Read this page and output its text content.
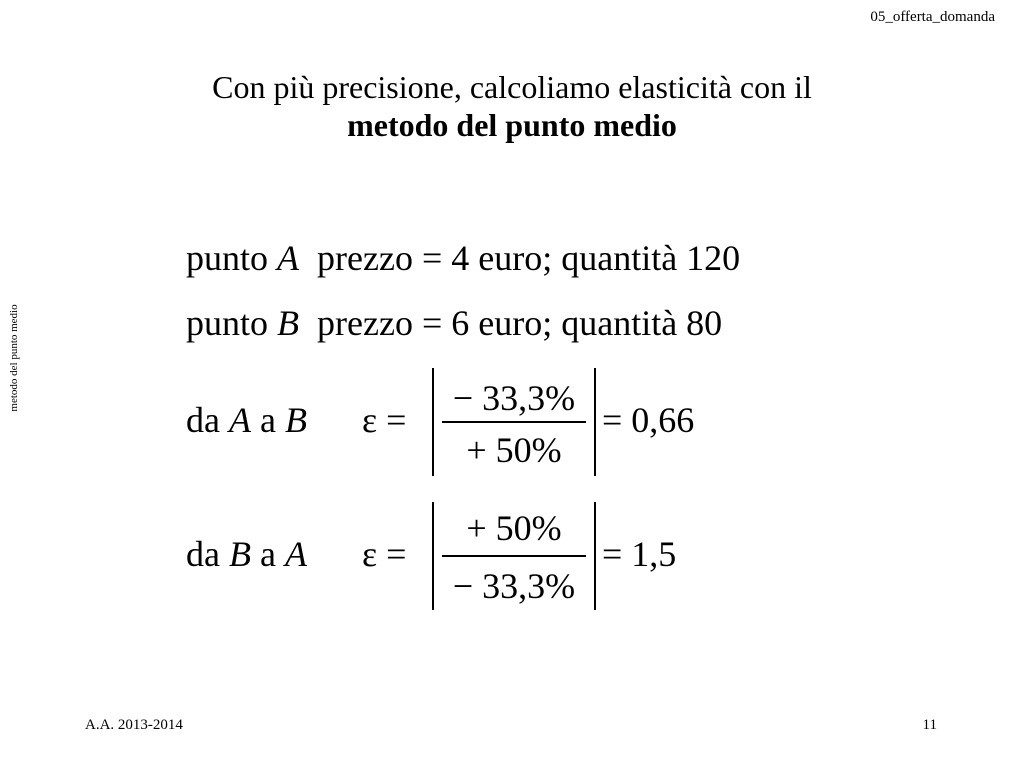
05_offerta_domanda
metodo del punto medio
Con più precisione, calcoliamo elasticità con il
metodo del punto medio
punto A prezzo = 4 euro; quantità 120
punto B prezzo = 6 euro; quantità 80
da A a B ε =
− 33,3%
+ 50%
= 0,66
da B a A ε =
+ 50%
− 33,3%
= 1,5
A.A. 2013-2014	11
